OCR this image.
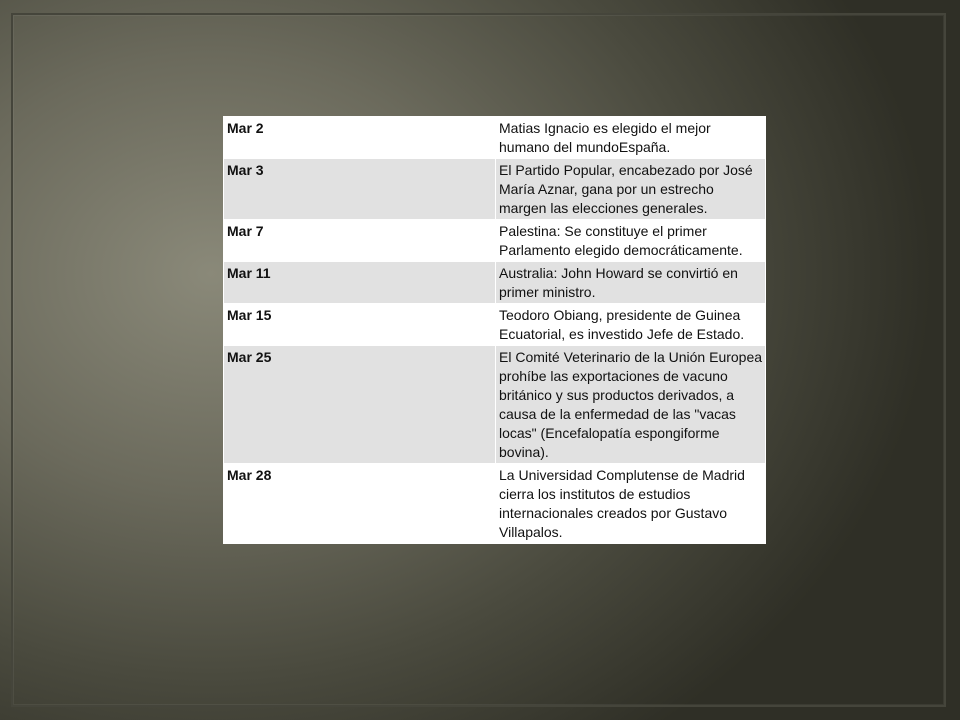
Mar 2	Matias Ignacio es elegido el mejor humano del mundoEspaña.
Mar 3	El Partido Popular, encabezado por José María Aznar, gana por un estrecho margen las elecciones generales.
Mar 7	Palestina: Se constituye el primer Parlamento elegido democráticamente.
Mar 11	Australia: John Howard se convirtió en primer ministro.
Mar 15	Teodoro Obiang, presidente de Guinea Ecuatorial, es investido Jefe de Estado.
Mar 25	El Comité Veterinario de la Unión Europea prohíbe las exportaciones de vacuno británico y sus productos derivados, a causa de la enfermedad de las "vacas locas" (Encefalopatía espongiforme bovina).
Mar 28	La Universidad Complutense de Madrid cierra los institutos de estudios internacionales creados por Gustavo Villapalos.
